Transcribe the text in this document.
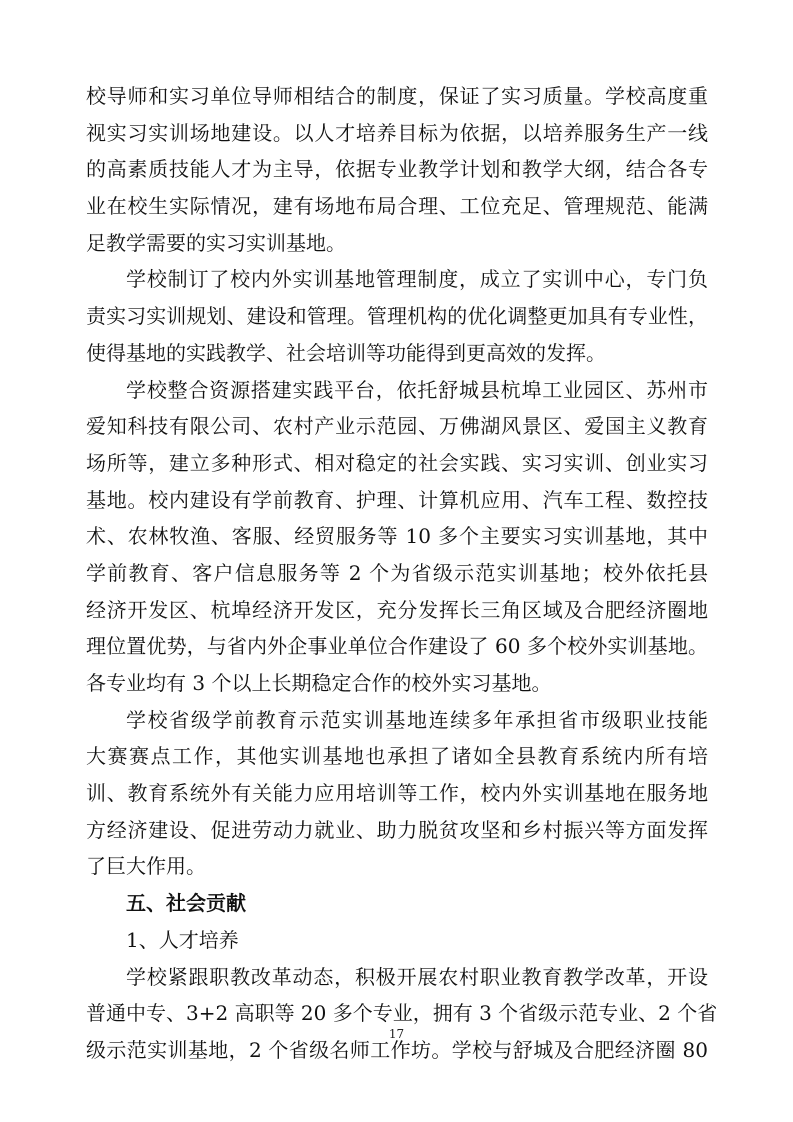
校导师和实习单位导师相结合的制度，保证了实习质量。学校高度重
视实习实训场地建设。以人才培养目标为依据，以培养服务生产一线
的高素质技能人才为主导，依据专业教学计划和教学大纲，结合各专
业在校生实际情况，建有场地布局合理、工位充足、管理规范、能满
足教学需要的实习实训基地。
学校制订了校内外实训基地管理制度，成立了实训中心，专门负
责实习实训规划、建设和管理。管理机构的优化调整更加具有专业性，
使得基地的实践教学、社会培训等功能得到更高效的发挥。
学校整合资源搭建实践平台，依托舒城县杭埠工业园区、苏州市
爱知科技有限公司、农村产业示范园、万佛湖风景区、爱国主义教育
场所等，建立多种形式、相对稳定的社会实践、实习实训、创业实习
基地。校内建设有学前教育、护理、计算机应用、汽车工程、数控技
术、农林牧渔、客服、经贸服务等 10 多个主要实习实训基地，其中
学前教育、客户信息服务等 2 个为省级示范实训基地；校外依托县
经济开发区、杭埠经济开发区，充分发挥长三角区域及合肥经济圈地
理位置优势，与省内外企事业单位合作建设了 60 多个校外实训基地。
各专业均有 3 个以上长期稳定合作的校外实习基地。
学校省级学前教育示范实训基地连续多年承担省市级职业技能
大赛赛点工作，其他实训基地也承担了诸如全县教育系统内所有培
训、教育系统外有关能力应用培训等工作，校内外实训基地在服务地
方经济建设、促进劳动力就业、助力脱贫攻坚和乡村振兴等方面发挥
了巨大作用。
五、社会贡献
1、人才培养
学校紧跟职教改革动态，积极开展农村职业教育教学改革，开设
普通中专、3+2 高职等 20 多个专业，拥有 3 个省级示范专业、2 个省
级示范实训基地，2 个省级名师工作坊。学校与舒城及合肥经济圈 80
17
